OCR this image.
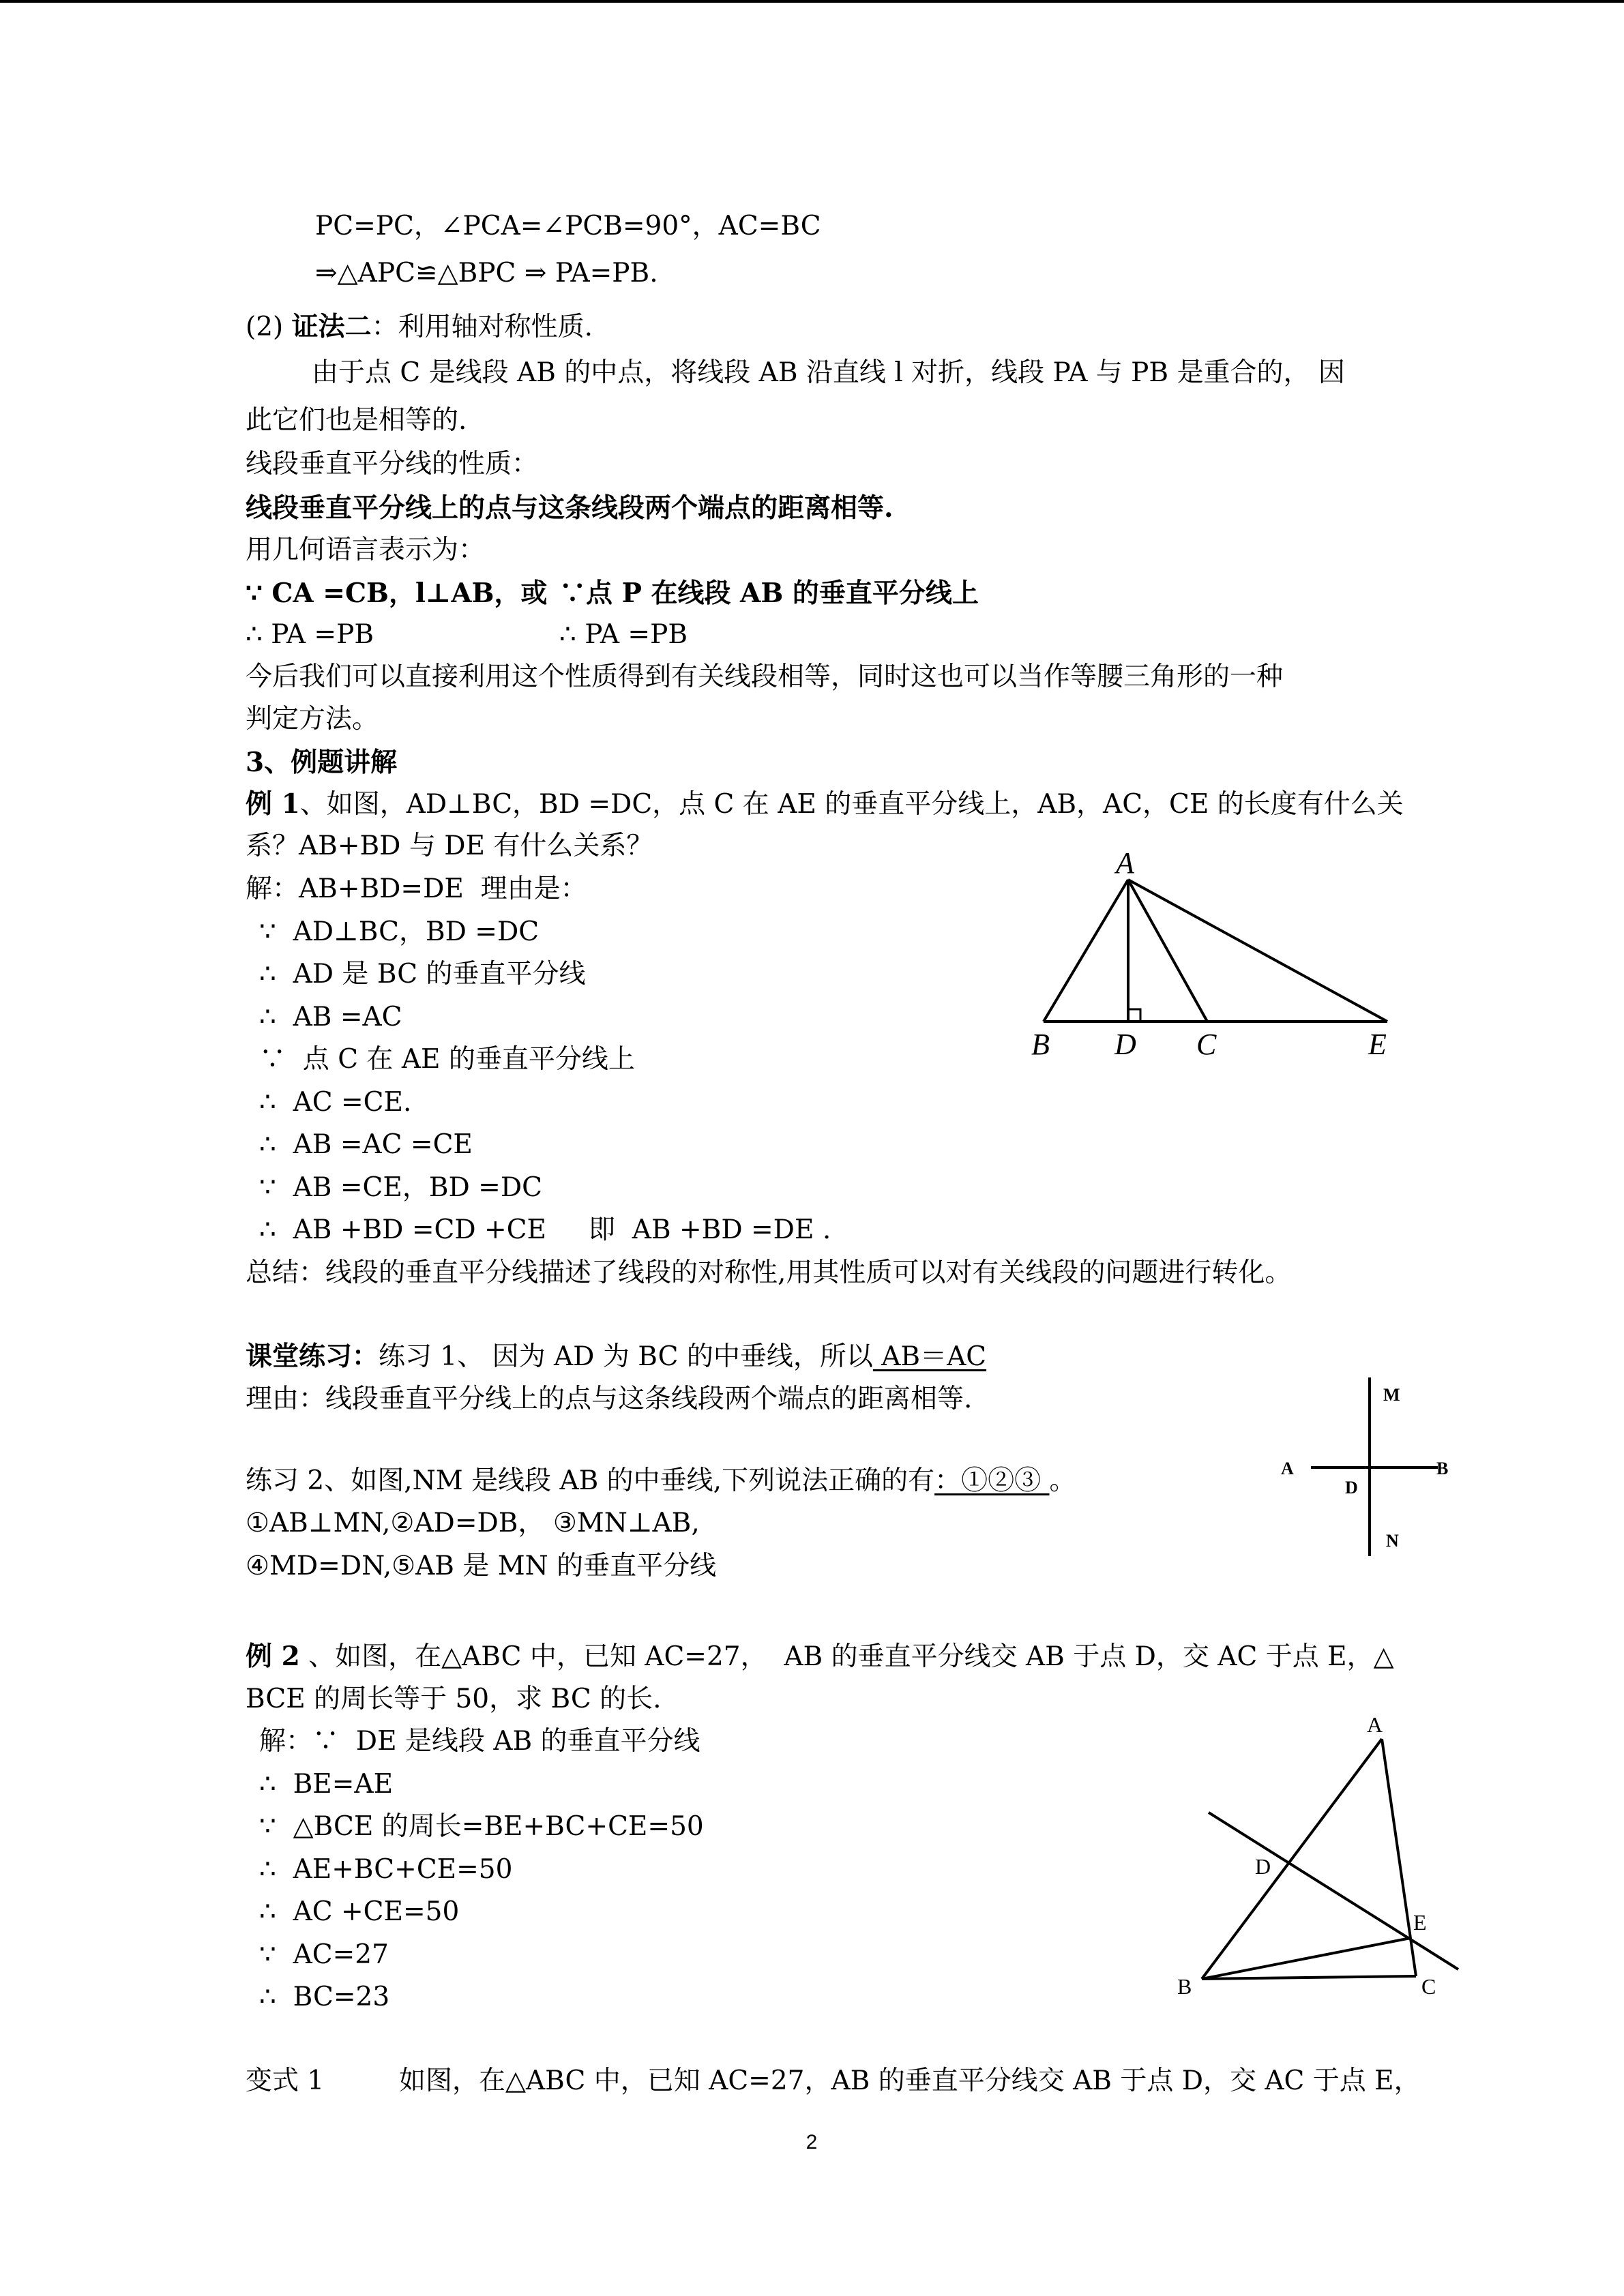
PC=PC，∠PCA=∠PCB=90°，AC=BC
⇒△APC≌△BPC ⇒ PA=PB.
(2) 证法二：利用轴对称性质.
由于点 C 是线段 AB 的中点，将线段 AB 沿直线 l 对折，线段 PA 与 PB 是重合的， 因
此它们也是相等的.
线段垂直平分线的性质：
线段垂直平分线上的点与这条线段两个端点的距离相等.
用几何语言表示为：
∵ CA =CB，l⊥AB，或 ∵点 P 在线段 AB 的垂直平分线上
∴ PA =PB	∴ PA =PB
今后我们可以直接利用这个性质得到有关线段相等，同时这也可以当作等腰三角形的一种
判定方法。
3、例题讲解
例 1、如图，AD⊥BC，BD =DC，点 C 在 AE 的垂直平分线上，AB，AC，CE 的长度有什么关
系？AB+BD 与 DE 有什么关系？
解：AB+BD=DE  理由是：
∵  AD⊥BC，BD =DC
∴  AD 是 BC 的垂直平分线
∴  AB =AC
∵  点 C 在 AE 的垂直平分线上
∴  AC =CE.
∴  AB =AC =CE
∵  AB =CE，BD =DC
∴  AB +BD =CD +CE     即  AB +BD =DE .
总结：线段的垂直平分线描述了线段的对称性,用其性质可以对有关线段的问题进行转化。
课堂练习：练习 1、 因为 AD 为 BC 的中垂线，所以 AB＝AC
理由：线段垂直平分线上的点与这条线段两个端点的距离相等.
练习 2、如图,NM 是线段 AB 的中垂线,下列说法正确的有：①②③ 。
①AB⊥MN,②AD=DB， ③MN⊥AB,
④MD=DN,⑤AB 是 MN 的垂直平分线
例 2 、如图，在△ABC 中，已知 AC=27，  AB 的垂直平分线交 AB 于点 D，交 AC 于点 E，△
BCE 的周长等于 50，求 BC 的长.
解：∵  DE 是线段 AB 的垂直平分线
∴  BE=AE
∵  △BCE 的周长=BE+BC+CE=50
∴  AE+BC+CE=50
∴  AC +CE=50
∵  AC=27
∴  BC=23
变式 1	如图，在△ABC 中，已知 AC=27，AB 的垂直平分线交 AB 于点 D，交 AC 于点 E，
A
B D C	E
M
A
D
B
N
A
D
E
B	C
2
